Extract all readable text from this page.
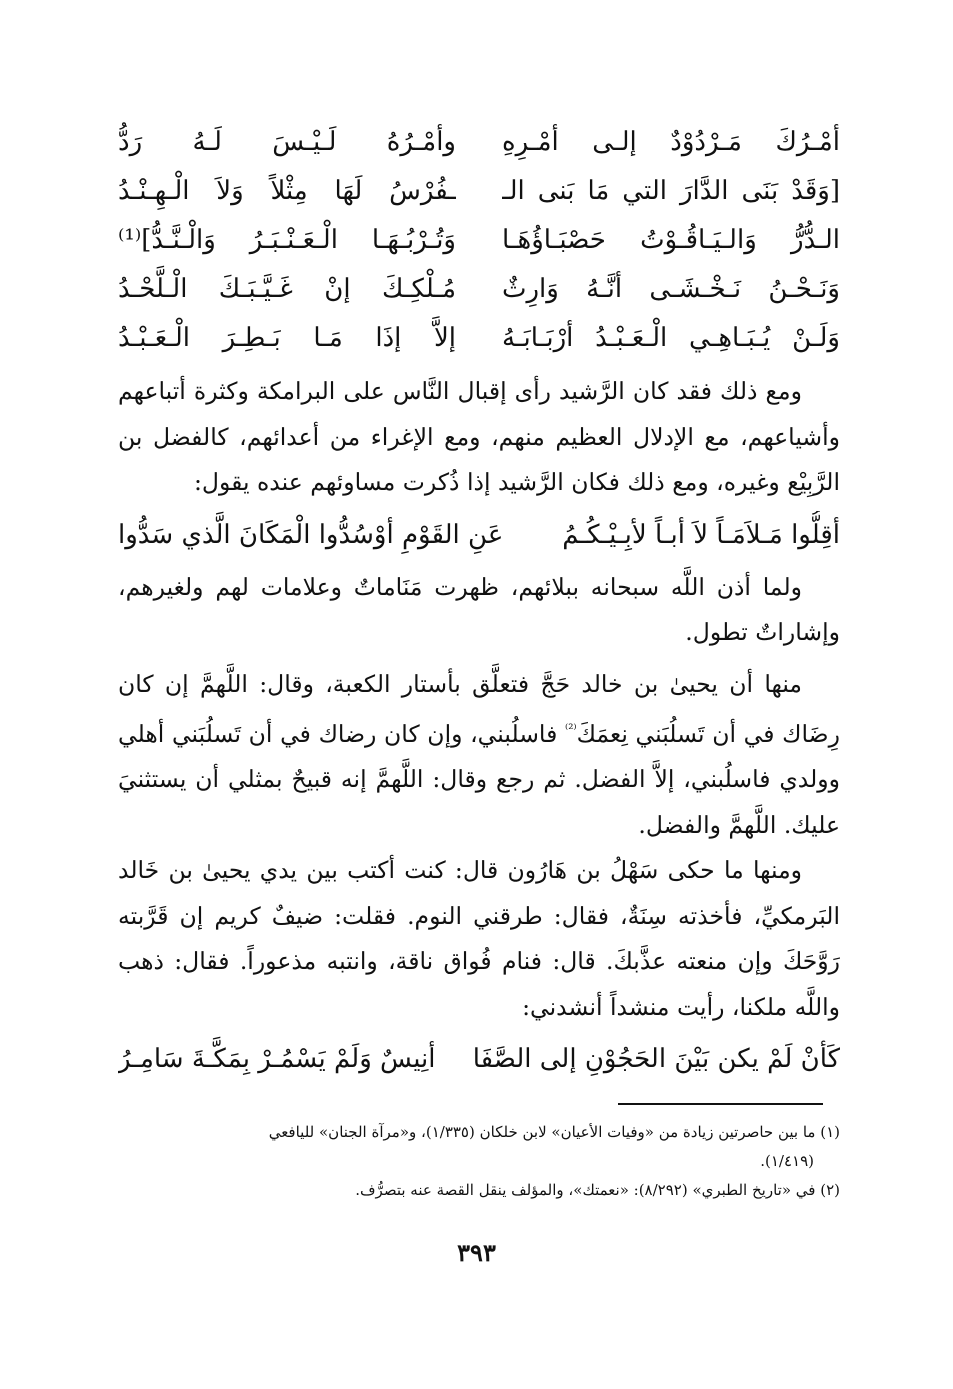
أمْـرُكَ مَـرْدُوْدٌ إلـى أمْـرِهِ
وأمْـرُهُ لَـيْـسَ لَـهُ رَدُّ
[وَقَدْ بَنَى الدَّارَ التي مَا بَنى الـ
ـفُرْسُ لَهَا مِثْلاً وَلاَ الْـهِـنْـدُ
الـدُّرُّ وَالـيَـاقُـوْتُ حَصْبَـاؤُهَـا
وَتُـرْبُـهَـا الْـعَـنْـبَـرُ وَالْـنَّـدُّ]⁽¹⁾
وَنَـحْـنُ نَـخْـشَـى أنَّـهُ وَارِثٌ
مُـلْكِـكَ إنْ غَـيَّـبَـكَ الْـلَّحْـدُ
وَلَـنْ يُـبَـاهِـي الْـعَـبْـدُ أرْبَـابَـهُ
إلاَّ إذَا مَـا بَـطِـرَ الْـعَـبْـدُ

ومع ذلك فقد كان الرَّشيد رأى إقبال النَّاس على البرامكة وكثرة أتباعهم وأشياعهم، مع الإدلال العظيم منهم، ومع الإغراء من أعدائهم، كالفضل بن الرَّبِيْع وغيره، ومع ذلك فكان الرَّشيد إذا ذُكرت مساوئهم عنده يقول:

أقِلُّوا مَـلاَمَـاً لاَ أبـاً لأبِـيْـكُـمُ
عَنِ القَوْمِ أوْسُدُّوا الْمَكَانَ الَّذي سَدُّوا

ولما أذن اللَّه سبحانه ببلائهم، ظهرت مَنَاماتٌ وعلامات لهم ولغيرهم، وإشاراتٌ تطول.

منها أن يحيىٰ بن خالد حَجَّ فتعلَّق بأستار الكعبة، وقال: اللَّهمَّ إن كان رِضَاك في أن تَسلُبَني نِعمَكَ$^{^{(2)}}$ فاسلُبني، وإن كان رضاك في أن تَسلُبَني أهلي وولدي فاسلُبني، إلاَّ الفضل. ثم رجع وقال: اللَّهمَّ إنه قبيحٌ بمثلي أن يستثنيَ عليك. اللَّهمَّ والفضل.

ومنها ما حكى سَهْلُ بن هَارُون قال: كنت أكتب بين يدي يحيىٰ بن خَالد البَرمكيِّ، فأخذته سِنَةٌ، فقال: طرقني النوم. فقلت: ضيفٌ كريم إن قَرَّبته رَوَّحَكَ وإن منعته عذَّبكَ. قال: فنام فُواق ناقة، وانتبه مذعوراً. فقال: ذهب واللَّه ملكنا، رأيت منشداً أنشدني:

كَأنْ لَمْ يكن بَيْنَ الحَجُوْنِ إلى الصَّفَا
أنِيسٌ وَلَمْ يَسْمُـرْ بِمَكَّـةَ سَامِـرُ

(١) ما بين حاصرتين زيادة من «وفيات الأعيان» لابن خلكان (١/٣٣٥)، و«مرآة الجنان» لليافعي

(١/٤١٩).

(٢) في «تاريخ الطبري» (٨/٢٩٢): «نعمتك»، والمؤلف ينقل القصة عنه بتصرُّف.

٣٩٣
